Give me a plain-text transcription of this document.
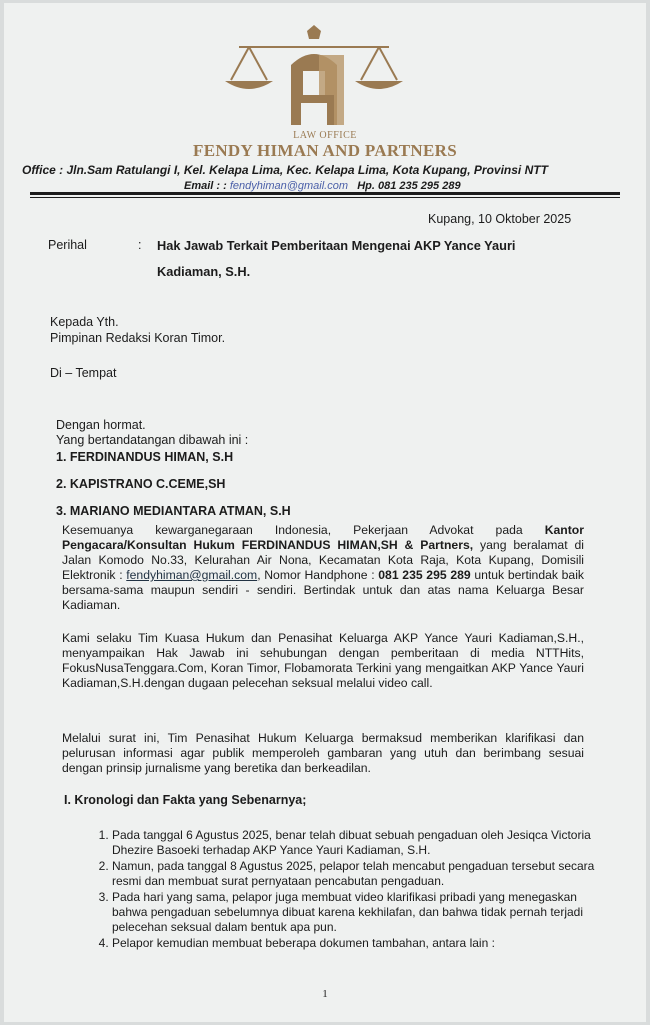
LAW OFFICE
FENDY HIMAN AND PARTNERS
Office : Jln.Sam Ratulangi I, Kel. Kelapa Lima, Kec. Kelapa Lima, Kota Kupang, Provinsi NTT
Email : : fendyhiman@gmail.com Hp. 081 235 295 289
Kupang, 10 Oktober 2025
Perihal	: Hak Jawab Terkait Pemberitaan Mengenai AKP Yance Yauri
Kadiaman, S.H.
Kepada Yth.
Pimpinan Redaksi Koran Timor.
Di – Tempat
Dengan hormat.
Yang bertandatangan dibawah ini :
1. FERDINANDUS HIMAN, S.H
2. KAPISTRANO C.CEME,SH
3. MARIANO MEDIANTARA ATMAN, S.H
Kesemuanya kewarganegaraan Indonesia, Pekerjaan Advokat pada Kantor Pengacara/Konsultan Hukum FERDINANDUS HIMAN,SH & Partners, yang beralamat di Jalan Komodo No.33, Kelurahan Air Nona, Kecamatan Kota Raja, Kota Kupang, Domisili Elektronik : fendyhiman@gmail.com, Nomor Handphone : 081 235 295 289 untuk bertindak baik bersama-sama maupun sendiri - sendiri. Bertindak untuk dan atas nama Keluarga Besar Kadiaman.
Kami selaku Tim Kuasa Hukum dan Penasihat Keluarga AKP Yance Yauri Kadiaman,S.H., menyampaikan Hak Jawab ini sehubungan dengan pemberitaan di media NTTHits, FokusNusaTenggara.Com, Koran Timor, Flobamorata Terkini yang mengaitkan AKP Yance Yauri Kadiaman,S.H.dengan dugaan pelecehan seksual melalui video call.
Melalui surat ini, Tim Penasihat Hukum Keluarga bermaksud memberikan klarifikasi dan pelurusan informasi agar publik memperoleh gambaran yang utuh dan berimbang sesuai dengan prinsip jurnalisme yang beretika dan berkeadilan.
I. Kronologi dan Fakta yang Sebenarnya;
1. Pada tanggal 6 Agustus 2025, benar telah dibuat sebuah pengaduan oleh Jesiqca Victoria Dhezire Basoeki terhadap AKP Yance Yauri Kadiaman, S.H.
2. Namun, pada tanggal 8 Agustus 2025, pelapor telah mencabut pengaduan tersebut secara resmi dan membuat surat pernyataan pencabutan pengaduan.
3. Pada hari yang sama, pelapor juga membuat video klarifikasi pribadi yang menegaskan bahwa pengaduan sebelumnya dibuat karena kekhilafan, dan bahwa tidak pernah terjadi pelecehan seksual dalam bentuk apa pun.
4. Pelapor kemudian membuat beberapa dokumen tambahan, antara lain :
1
